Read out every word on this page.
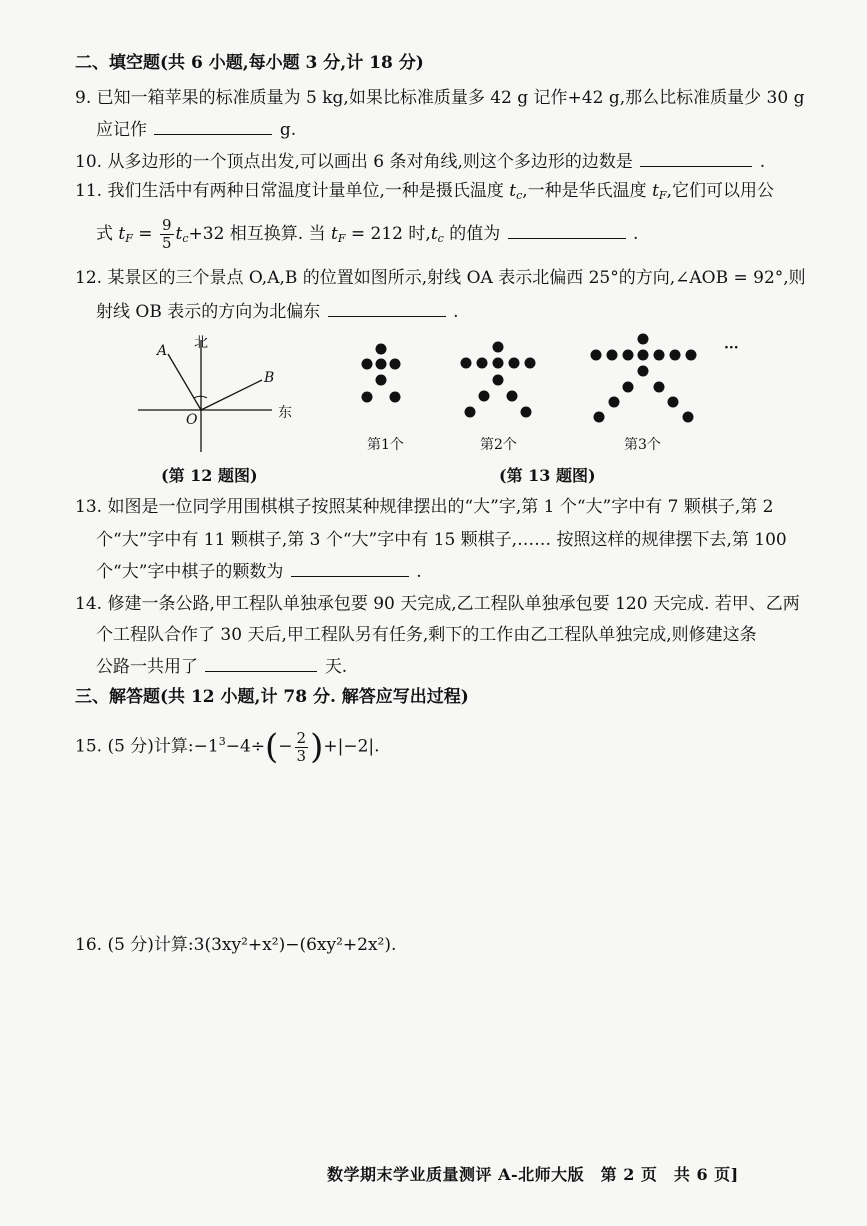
二、填空题(共 6 小题,每小题 3 分,计 18 分)
9. 已知一箱苹果的标准质量为 5 kg,如果比标准质量多 42 g 记作+42 g,那么比标准质量少 30 g
应记作	g.
10. 从多边形的一个顶点出发,可以画出 6 条对角线,则这个多边形的边数是	.
11. 我们生活中有两种日常温度计量单位,一种是摄氏温度 $t_c$,一种是华氏温度 $t_F$,它们可以用公
式 $t_F = \frac{9}{5} t_c+32$ 相互换算. 当 $t_F = 212$ 时$,t_c$ 的值为	.
12. 某景区的三个景点 O,A,B 的位置如图所示,射线 OA 表示北偏西 25°的方向,∠AOB = 92°,则
射线 OB 表示的方向为北偏东	.
北
东
A
B
O
(第 12 题图)
···
第1个	第2个	第3个
(第 13 题图)
13. 如图是一位同学用围棋棋子按照某种规律摆出的“大”字,第 1 个“大”字中有 7 颗棋子,第 2
个“大”字中有 11 颗棋子,第 3 个“大”字中有 15 颗棋子,…… 按照这样的规律摆下去,第 100
个“大”字中棋子的颗数为	.
14. 修建一条公路,甲工程队单独承包要 90 天完成,乙工程队单独承包要 120 天完成. 若甲、乙两
个工程队合作了 30 天后,甲工程队另有任务,剩下的工作由乙工程队单独完成,则修建这条
公路一共用了	天.
三、解答题(共 12 小题,计 78 分. 解答应写出过程)
15. (5 分)计算$:-1^3-4\div(- \frac{2}{3} )+|-2|$.
16. (5 分)计算:3(3xy²+x²)−(6xy²+2x²).
数学期末学业质量测评 A-北师大版　第 2 页　共 6 页]
